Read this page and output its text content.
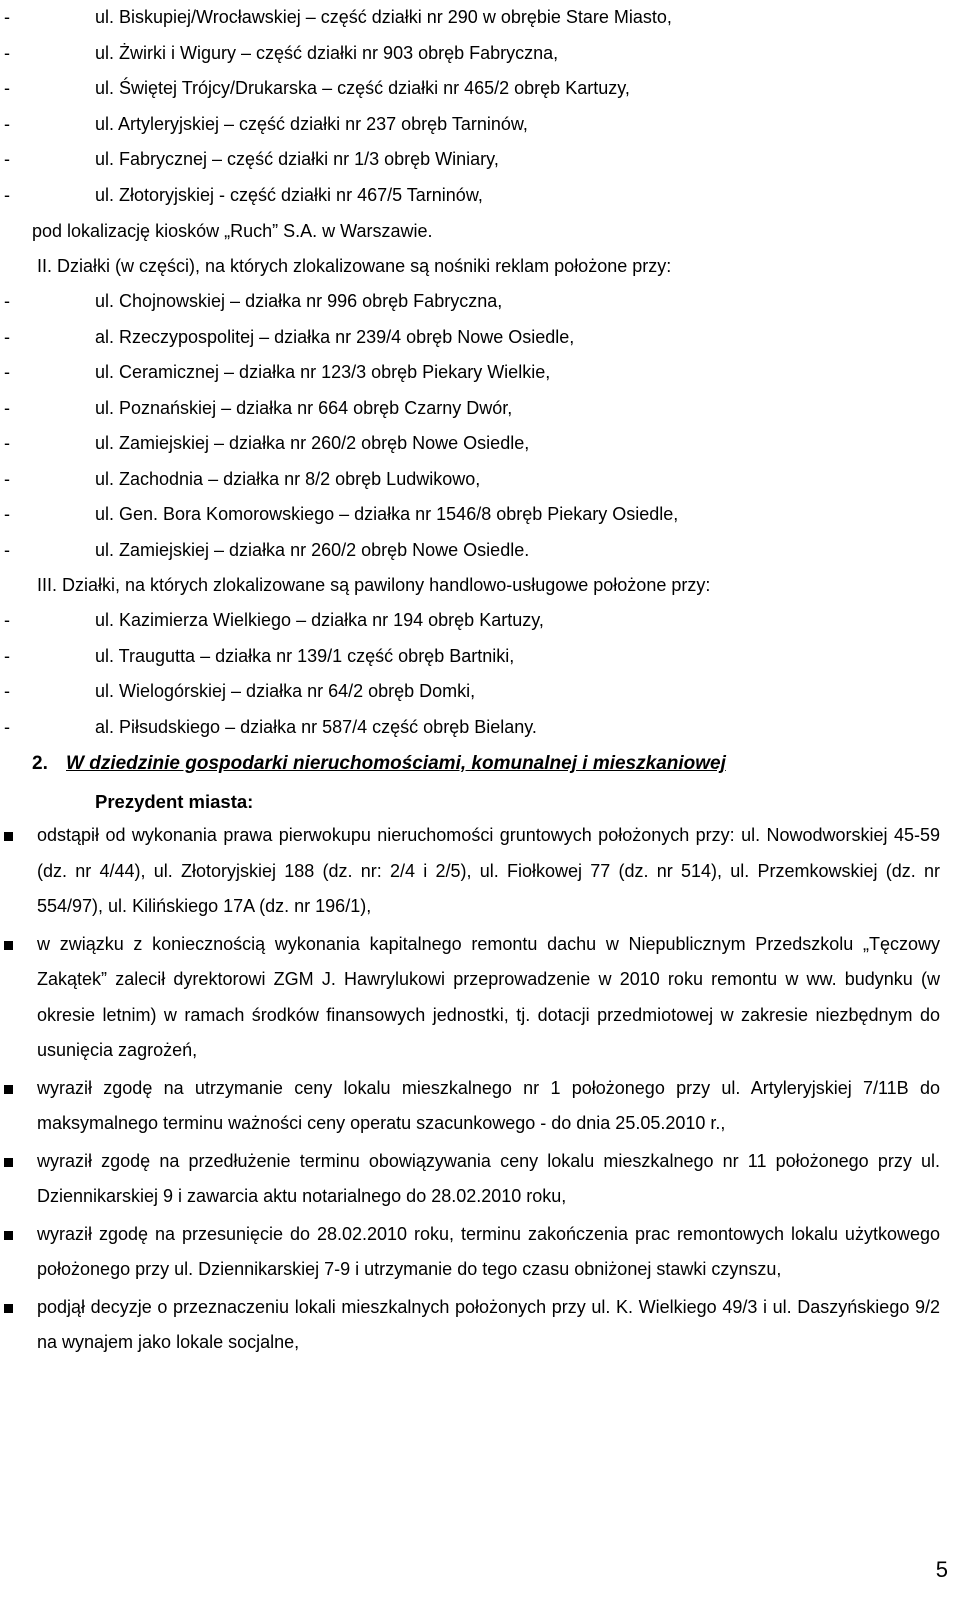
-	ul. Biskupiej/Wrocławskiej – część działki nr 290 w obrębie Stare Miasto,
-	ul. Żwirki i Wigury – część działki nr 903 obręb Fabryczna,
-	ul. Świętej Trójcy/Drukarska – część działki nr 465/2 obręb Kartuzy,
-	ul. Artyleryjskiej – część działki nr 237 obręb Tarninów,
-	ul. Fabrycznej – część działki nr 1/3 obręb Winiary,
-	ul. Złotoryjskiej - część działki nr 467/5 Tarninów,
pod lokalizację kiosków „Ruch” S.A. w Warszawie.
II. Działki (w części), na których zlokalizowane są nośniki reklam położone przy:
-	ul. Chojnowskiej – działka nr 996 obręb Fabryczna,
-	al. Rzeczypospolitej – działka nr 239/4 obręb Nowe Osiedle,
-	ul. Ceramicznej – działka nr 123/3 obręb Piekary Wielkie,
-	ul. Poznańskiej – działka nr 664 obręb Czarny Dwór,
-	ul. Zamiejskiej – działka nr 260/2 obręb Nowe Osiedle,
-	ul. Zachodnia – działka nr 8/2 obręb Ludwikowo,
-	ul. Gen. Bora Komorowskiego – działka nr 1546/8 obręb Piekary Osiedle,
-	ul. Zamiejskiej – działka nr 260/2 obręb Nowe Osiedle.
III. Działki, na których zlokalizowane są pawilony handlowo-usługowe położone przy:
-	ul. Kazimierza Wielkiego – działka nr 194 obręb Kartuzy,
-	ul. Traugutta – działka nr 139/1 część obręb Bartniki,
-	ul. Wielogórskiej – działka nr 64/2 obręb Domki,
-	al. Piłsudskiego – działka nr 587/4 część obręb Bielany.
2. W dziedzinie gospodarki nieruchomościami, komunalnej i mieszkaniowej
Prezydent miasta:
odstąpił od wykonania prawa pierwokupu nieruchomości gruntowych położonych przy: ul. Nowodworskiej 45-59 (dz. nr 4/44), ul. Złotoryjskiej 188 (dz. nr: 2/4 i 2/5), ul. Fiołkowej 77 (dz. nr 514), ul. Przemkowskiej (dz. nr 554/97), ul. Kilińskiego 17A (dz. nr 196/1),
w związku z koniecznością wykonania kapitalnego remontu dachu w Niepublicznym Przedszkolu „Tęczowy Zakątek” zalecił dyrektorowi ZGM J. Hawrylukowi przeprowadzenie w 2010 roku remontu w ww. budynku (w okresie letnim) w ramach środków finansowych jednostki, tj. dotacji przedmiotowej w zakresie niezbędnym do usunięcia zagrożeń,
wyraził zgodę na utrzymanie ceny lokalu mieszkalnego nr 1 położonego przy ul. Artyleryjskiej 7/11B do maksymalnego terminu ważności ceny operatu szacunkowego - do dnia 25.05.2010 r.,
wyraził zgodę na przedłużenie terminu obowiązywania ceny lokalu mieszkalnego nr 11 położonego przy ul. Dziennikarskiej 9 i zawarcia aktu notarialnego do 28.02.2010 roku,
wyraził zgodę na przesunięcie do 28.02.2010 roku, terminu zakończenia prac remontowych lokalu użytkowego położonego przy ul. Dziennikarskiej 7-9 i utrzymanie do tego czasu obniżonej stawki czynszu,
podjął decyzje o przeznaczeniu lokali mieszkalnych położonych przy ul. K. Wielkiego 49/3 i ul. Daszyńskiego 9/2 na wynajem jako lokale socjalne,
5
